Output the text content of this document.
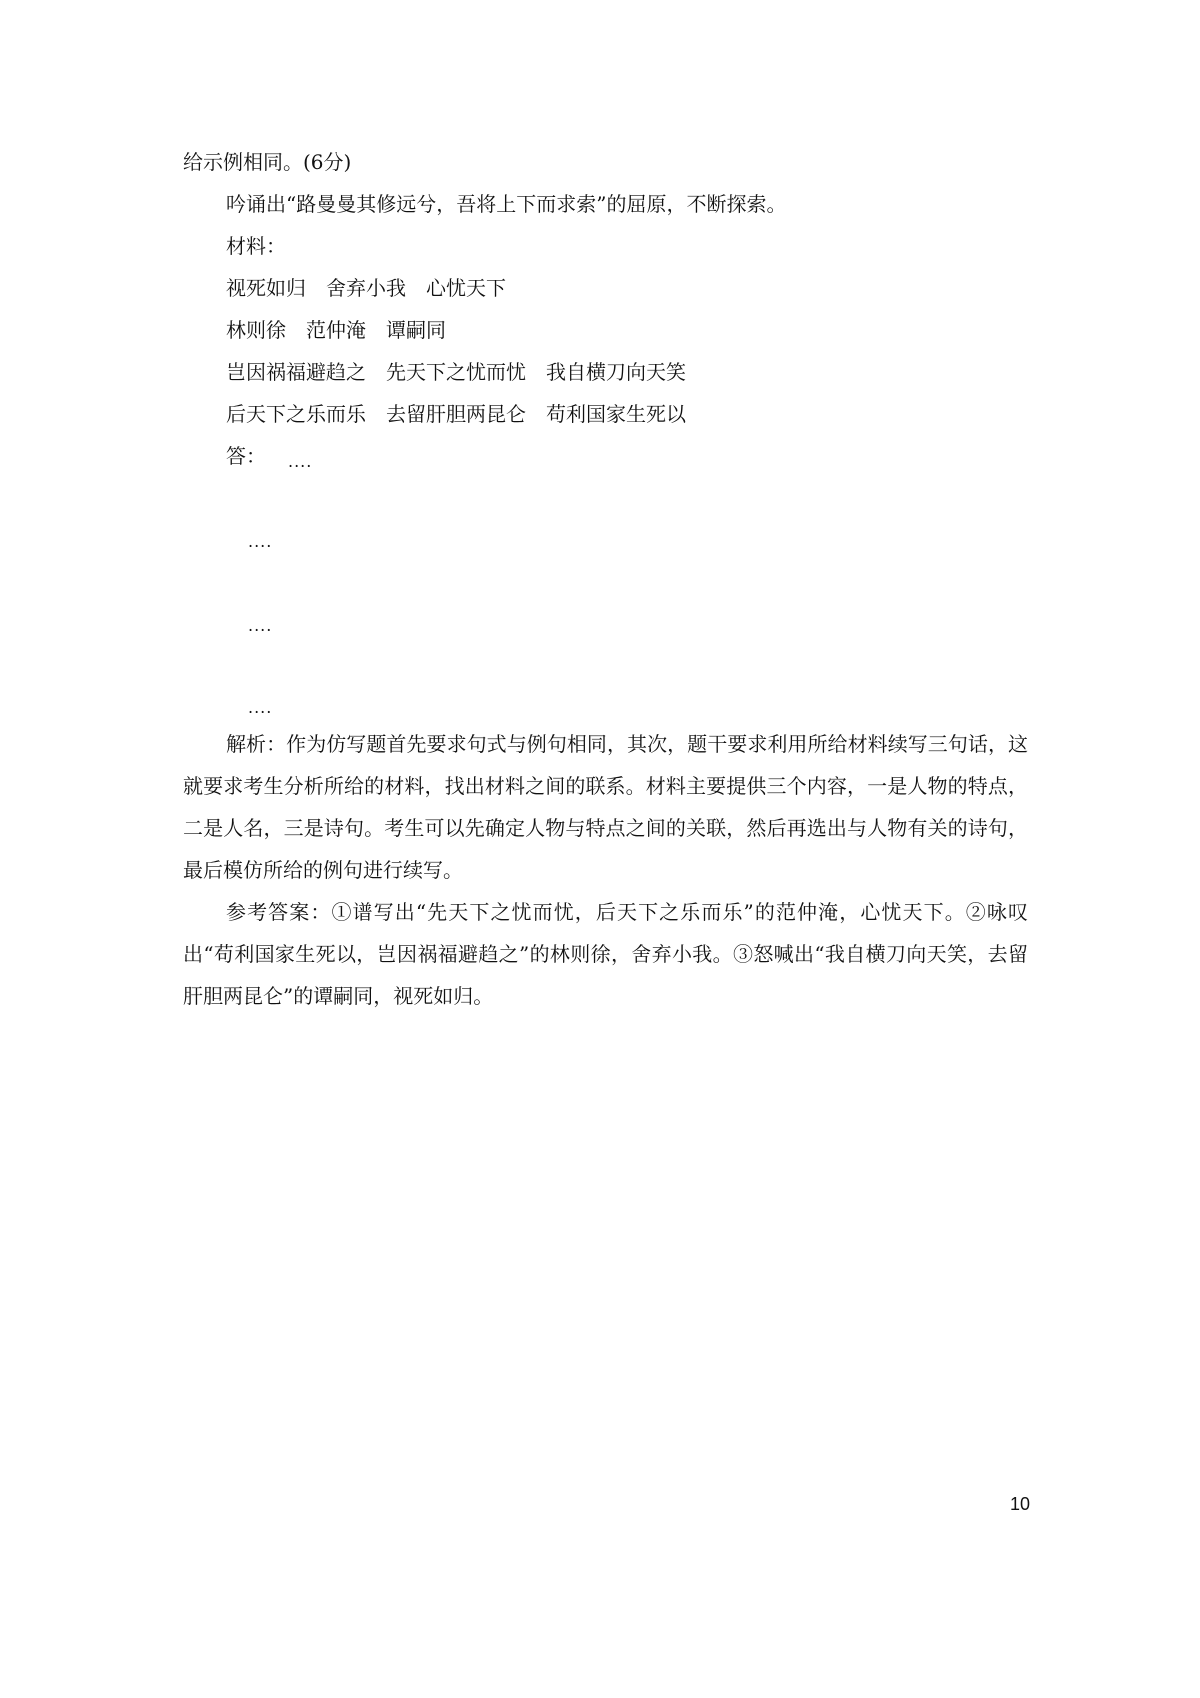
给示例相同。(6分)
吟诵出“路曼曼其修远兮，吾将上下而求索”的屈原，不断探索。
材料：
视死如归　舍弃小我　心忧天下
林则徐　范仲淹　谭嗣同
岂因祸福避趋之　先天下之忧而忧　我自横刀向天笑
后天下之乐而乐　去留肝胆两昆仑　苟利国家生死以
答： ....
....
....
....
解析：作为仿写题首先要求句式与例句相同，其次，题干要求利用所给材料续写三句话，这就要求考生分析所给的材料，找出材料之间的联系。材料主要提供三个内容，一是人物的特点，二是人名，三是诗句。考生可以先确定人物与特点之间的关联，然后再选出与人物有关的诗句，最后模仿所给的例句进行续写。
参考答案：①谱写出“先天下之忧而忧，后天下之乐而乐”的范仲淹，心忧天下。②咏叹出“苟利国家生死以，岂因祸福避趋之”的林则徐，舍弃小我。③怒喊出“我自横刀向天笑，去留肝胆两昆仑”的谭嗣同，视死如归。
10
